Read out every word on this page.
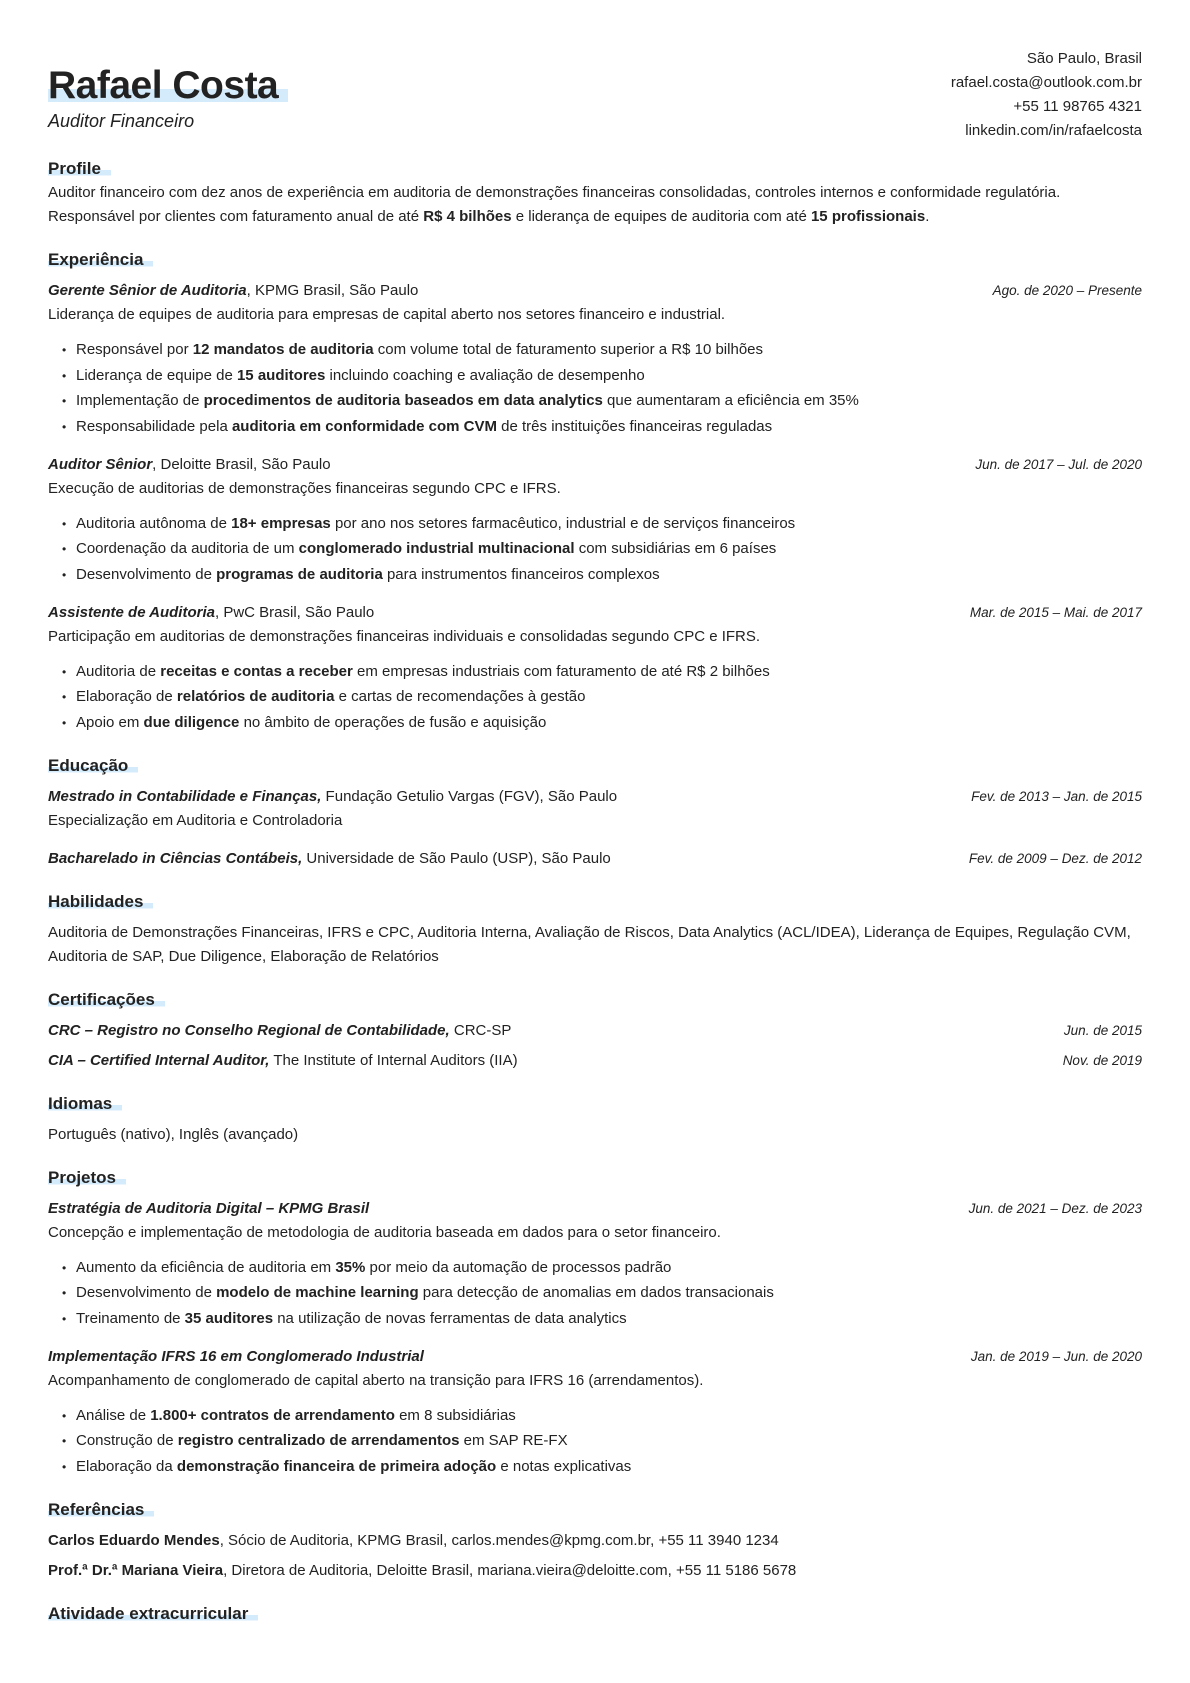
Rafael Costa
Auditor Financeiro
São Paulo, Brasil
rafael.costa@outlook.com.br
+55 11 98765 4321
linkedin.com/in/rafaelcosta
Profile
Auditor financeiro com dez anos de experiência em auditoria de demonstrações financeiras consolidadas, controles internos e conformidade regulatória. Responsável por clientes com faturamento anual de até R$ 4 bilhões e liderança de equipes de auditoria com até 15 profissionais.
Experiência
Gerente Sênior de Auditoria, KPMG Brasil, São Paulo	Ago. de 2020 – Presente
Liderança de equipes de auditoria para empresas de capital aberto nos setores financeiro e industrial.
• Responsável por 12 mandatos de auditoria com volume total de faturamento superior a R$ 10 bilhões
• Liderança de equipe de 15 auditores incluindo coaching e avaliação de desempenho
• Implementação de procedimentos de auditoria baseados em data analytics que aumentaram a eficiência em 35%
• Responsabilidade pela auditoria em conformidade com CVM de três instituições financeiras reguladas
Auditor Sênior, Deloitte Brasil, São Paulo	Jun. de 2017 – Jul. de 2020
Execução de auditorias de demonstrações financeiras segundo CPC e IFRS.
• Auditoria autônoma de 18+ empresas por ano nos setores farmacêutico, industrial e de serviços financeiros
• Coordenação da auditoria de um conglomerado industrial multinacional com subsidiárias em 6 países
• Desenvolvimento de programas de auditoria para instrumentos financeiros complexos
Assistente de Auditoria, PwC Brasil, São Paulo	Mar. de 2015 – Mai. de 2017
Participação em auditorias de demonstrações financeiras individuais e consolidadas segundo CPC e IFRS.
• Auditoria de receitas e contas a receber em empresas industriais com faturamento de até R$ 2 bilhões
• Elaboração de relatórios de auditoria e cartas de recomendações à gestão
• Apoio em due diligence no âmbito de operações de fusão e aquisição
Educação
Mestrado in Contabilidade e Finanças, Fundação Getulio Vargas (FGV), São Paulo	Fev. de 2013 – Jan. de 2015
Especialização em Auditoria e Controladoria
Bacharelado in Ciências Contábeis, Universidade de São Paulo (USP), São Paulo	Fev. de 2009 – Dez. de 2012
Habilidades
Auditoria de Demonstrações Financeiras, IFRS e CPC, Auditoria Interna, Avaliação de Riscos, Data Analytics (ACL/IDEA), Liderança de Equipes, Regulação CVM, Auditoria de SAP, Due Diligence, Elaboração de Relatórios
Certificações
CRC – Registro no Conselho Regional de Contabilidade, CRC-SP	Jun. de 2015
CIA – Certified Internal Auditor, The Institute of Internal Auditors (IIA)	Nov. de 2019
Idiomas
Português (nativo), Inglês (avançado)
Projetos
Estratégia de Auditoria Digital – KPMG Brasil	Jun. de 2021 – Dez. de 2023
Concepção e implementação de metodologia de auditoria baseada em dados para o setor financeiro.
• Aumento da eficiência de auditoria em 35% por meio da automação de processos padrão
• Desenvolvimento de modelo de machine learning para detecção de anomalias em dados transacionais
• Treinamento de 35 auditores na utilização de novas ferramentas de data analytics
Implementação IFRS 16 em Conglomerado Industrial	Jan. de 2019 – Jun. de 2020
Acompanhamento de conglomerado de capital aberto na transição para IFRS 16 (arrendamentos).
• Análise de 1.800+ contratos de arrendamento em 8 subsidiárias
• Construção de registro centralizado de arrendamentos em SAP RE-FX
• Elaboração da demonstração financeira de primeira adoção e notas explicativas
Referências
Carlos Eduardo Mendes, Sócio de Auditoria, KPMG Brasil, carlos.mendes@kpmg.com.br, +55 11 3940 1234
Prof.ª Dr.ª Mariana Vieira, Diretora de Auditoria, Deloitte Brasil, mariana.vieira@deloitte.com, +55 11 5186 5678
Atividade extracurricular
